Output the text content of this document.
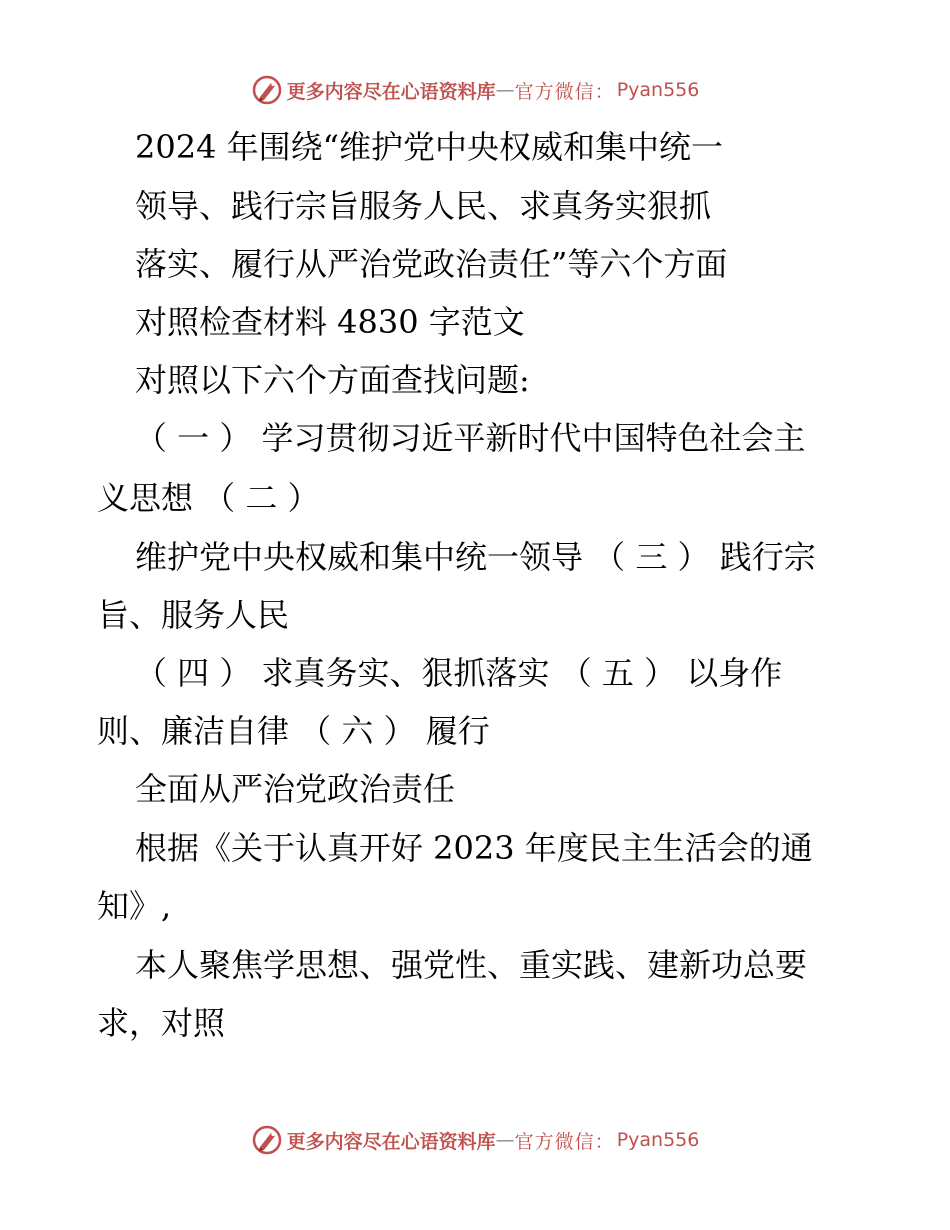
更多内容尽在心语资料库 — 官方微信： Pyan556
2024 年围绕“维护党中央权威和集中统一
领导、践行宗旨服务人民、求真务实狠抓
落实、履行从严治党政治责任”等六个方面
对照检查材料 4830 字范文
对照以下六个方面查找问题:
（ 一 ） 学习贯彻习近平新时代中国特色社会主
义思想 （ 二 ）
维护党中央权威和集中统一领导 （ 三 ） 践行宗
旨、服务人民
（ 四 ） 求真务实、狠抓落实 （ 五 ） 以身作
则、廉洁自律 （ 六 ） 履行
全面从严治党政治责任
根据《关于认真开好 2023 年度民主生活会的通
知》,
本人聚焦学思想、强党性、重实践、建新功总要
求，对照
更多内容尽在心语资料库 — 官方微信： Pyan556
